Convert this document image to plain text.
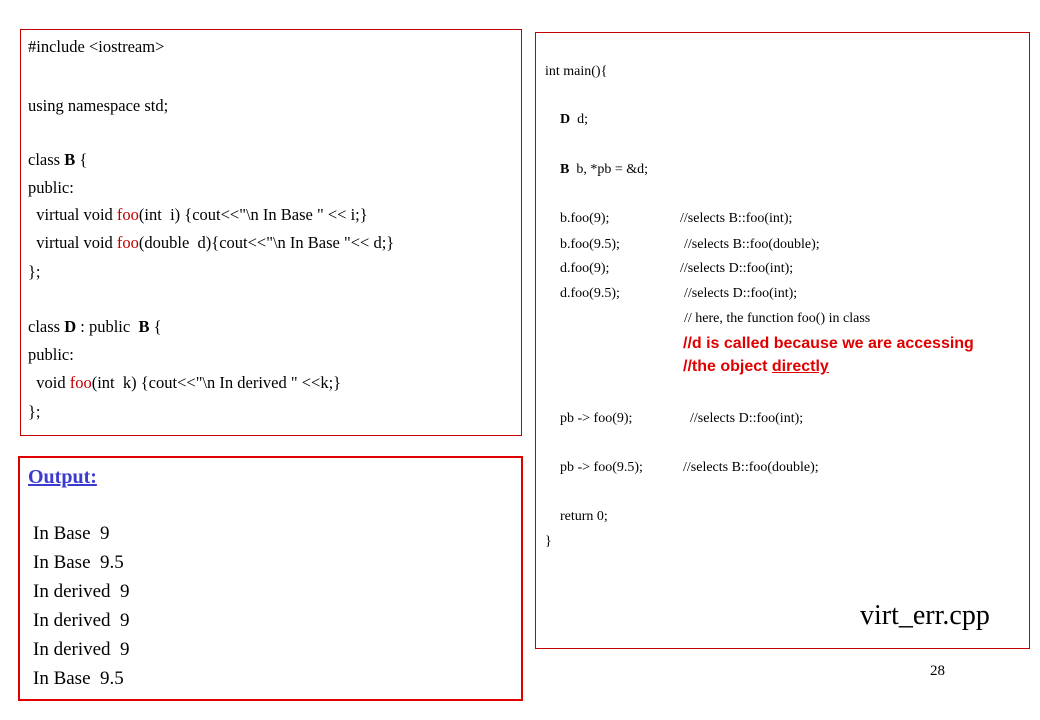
#include <iostream>
using namespace std;
class B {
public:
virtual void foo(int  i) {cout<<"\n In Base " << i;}
virtual void foo(double  d){cout<<"\n In Base "<< d;}
};
class D : public  B {
public:
void foo(int  k) {cout<<"\n In derived " <<k;}
};
Output:
In Base  9
In Base  9.5
In derived  9
In derived  9
In derived  9
In Base  9.5
int main(){
D  d;
B  b, *pb = &d;
b.foo(9);	//selects B::foo(int);
b.foo(9.5);	//selects B::foo(double);
d.foo(9);	//selects D::foo(int);
d.foo(9.5);	//selects D::foo(int);
// here, the function foo() in class
//d is called because we are accessing
//the object directly
pb -> foo(9);	//selects D::foo(int);
pb -> foo(9.5);	//selects B::foo(double);
return 0;
}
virt_err.cpp
28
